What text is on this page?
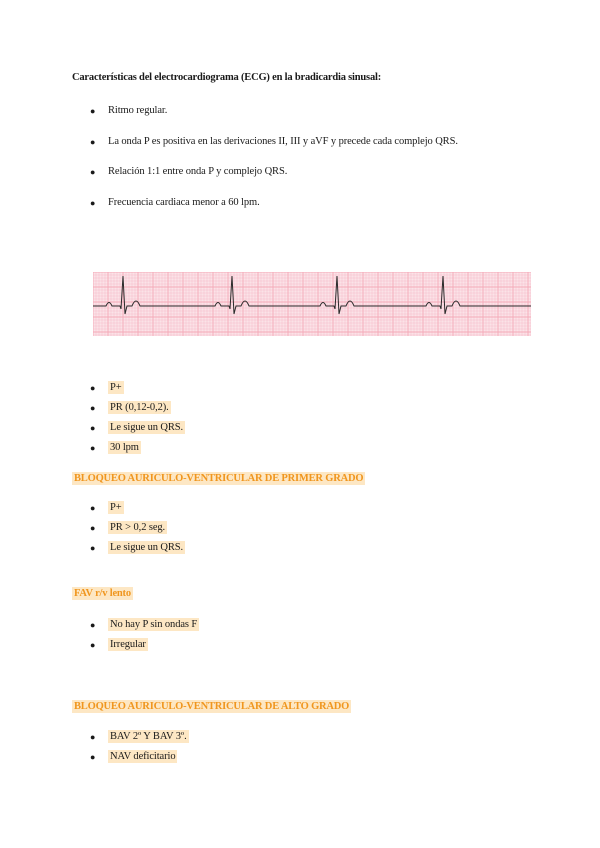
Características del electrocardiograma (ECG) en la bradicardia sinusal:
● Ritmo regular.
● La onda P es positiva en las derivaciones II, III y aVF y precede cada complejo QRS.
● Relación 1:1 entre onda P y complejo QRS.
● Frecuencia cardiaca menor a 60 lpm.
● P+
● PR (0,12-0,2).
● Le sigue un QRS.
● 30 lpm
BLOQUEO AURICULO-VENTRICULAR DE PRIMER GRADO
● P+
● PR > 0,2 seg.
● Le sigue un QRS.
FAV r/v lento
● No hay P sin ondas F
● Irregular
BLOQUEO AURICULO-VENTRICULAR DE ALTO GRADO
● BAV 2º Y BAV 3º.
● NAV deficitario
